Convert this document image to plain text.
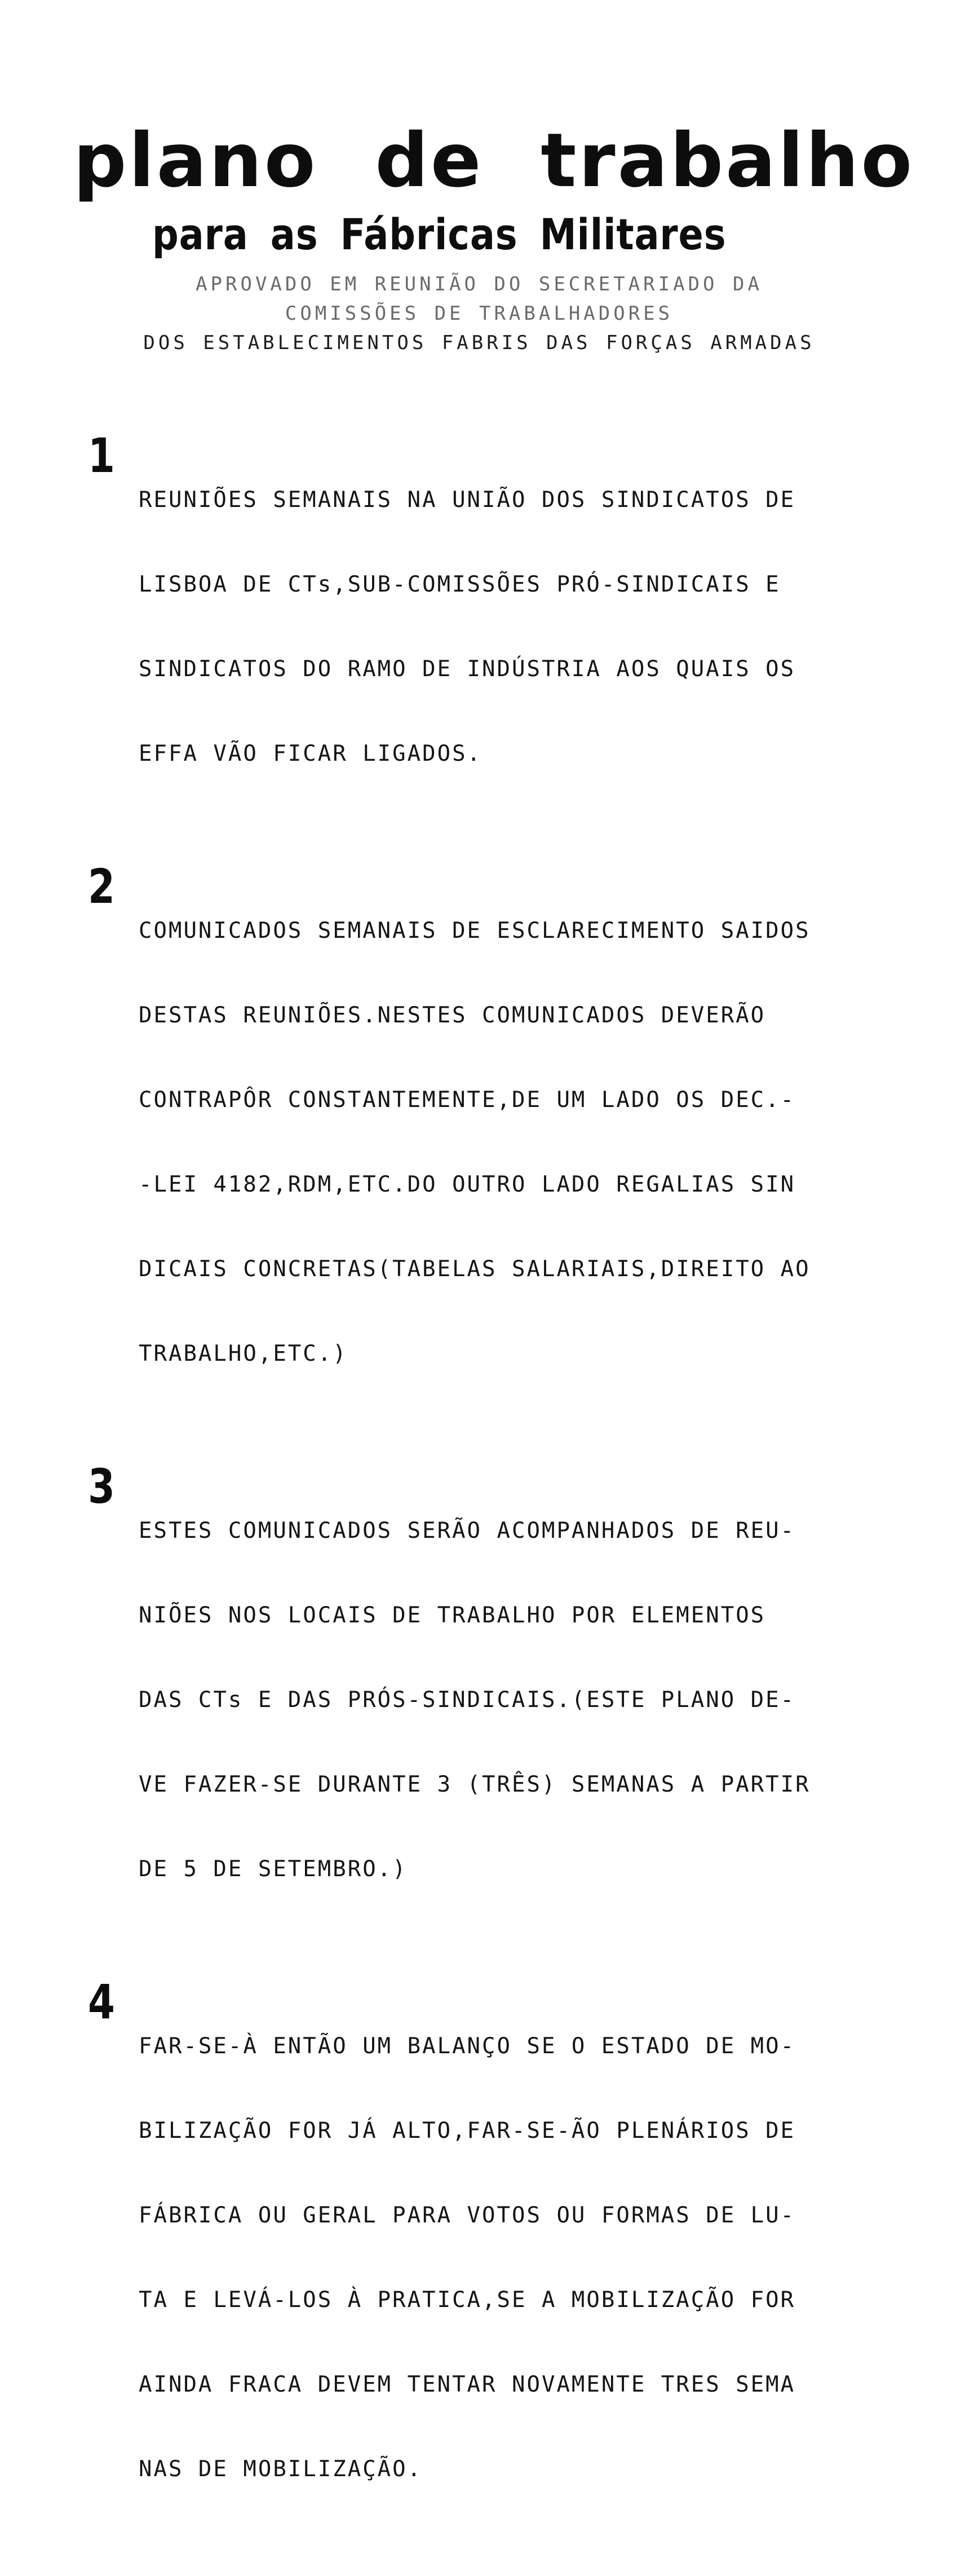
plano de trabalho
para as Fábricas Militares
APROVADO EM REUNIÃO DO SECRETARIADO DA
COMISSÕES DE TRABALHADORES
DOS ESTABLECIMENTOS FABRIS DAS FORÇAS ARMADAS
1

REUNIÕES SEMANAIS NA UNIÃO DOS SINDICATOS DE

LISBOA DE CTs,SUB-COMISSÕES PRÓ-SINDICAIS E

SINDICATOS DO RAMO DE INDÚSTRIA AOS QUAIS OS

EFFA VÃO FICAR LIGADOS.

2

COMUNICADOS SEMANAIS DE ESCLARECIMENTO SAIDOS

DESTAS REUNIÕES.NESTES COMUNICADOS DEVERÃO

CONTRAPÔR CONSTANTEMENTE,DE UM LADO OS DEC.-

-LEI 4182,RDM,ETC.DO OUTRO LADO REGALIAS SIN

DICAIS CONCRETAS(TABELAS SALARIAIS,DIREITO AO

TRABALHO,ETC.)

3

ESTES COMUNICADOS SERÃO ACOMPANHADOS DE REU-

NIÕES NOS LOCAIS DE TRABALHO POR ELEMENTOS

DAS CTs E DAS PRÓS-SINDICAIS.(ESTE PLANO DE-

VE FAZER-SE DURANTE 3 (TRÊS) SEMANAS A PARTIR

DE 5 DE SETEMBRO.)

4

FAR-SE-À ENTÃO UM BALANÇO SE O ESTADO DE MO-

BILIZAÇÃO FOR JÁ ALTO,FAR-SE-ÃO PLENÁRIOS DE

FÁBRICA OU GERAL PARA VOTOS OU FORMAS DE LU-

TA E LEVÁ-LOS À PRATICA,SE A MOBILIZAÇÃO FOR

AINDA FRACA DEVEM TENTAR NOVAMENTE TRES SEMA

NAS DE MOBILIZAÇÃO.
